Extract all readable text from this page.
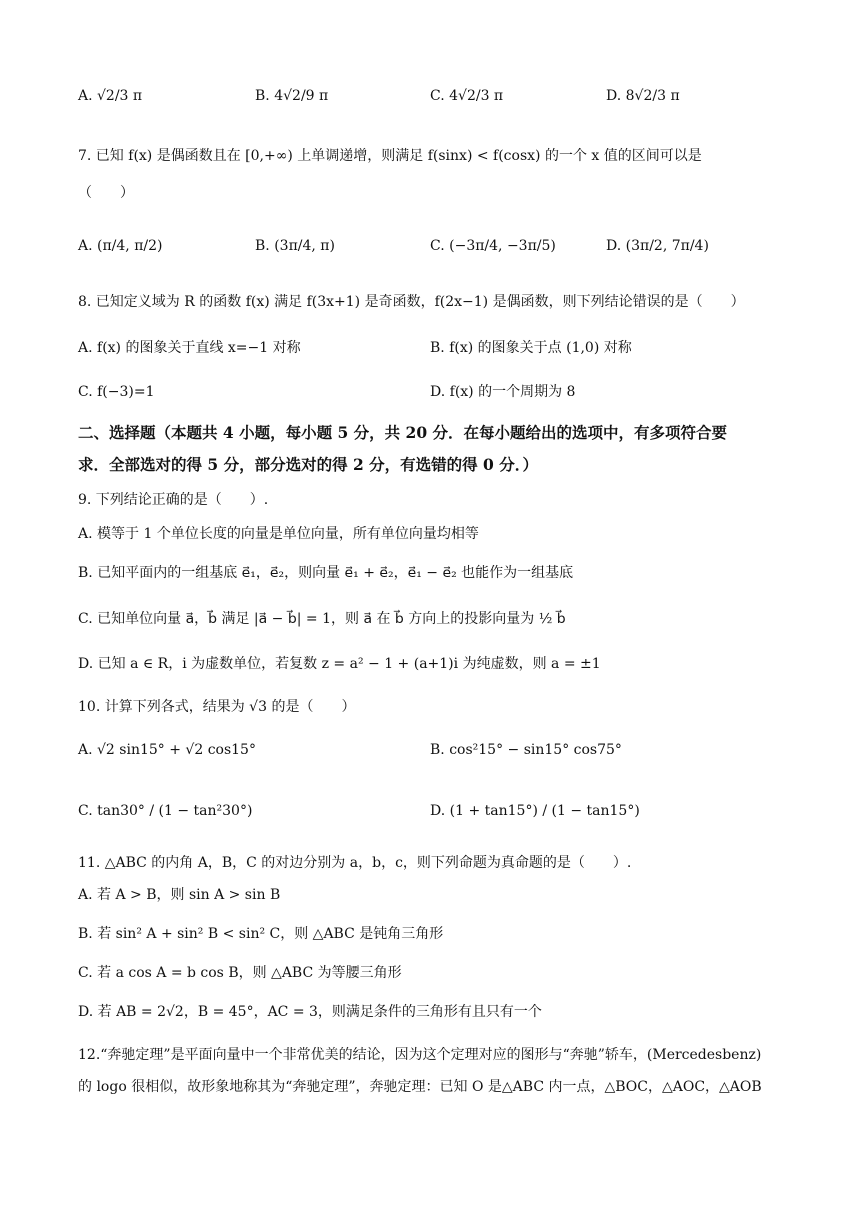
A. √2/3 π	B. 4√2/9 π	C. 4√2/3 π	D. 8√2/3 π
7. 已知 f(x) 是偶函数且在 [0,+∞) 上单调递增，则满足 f(sinx) < f(cosx) 的一个 x 值的区间可以是
（　　）
A. (π/4, π/2)	B. (3π/4, π)	C. (−3π/4, −3π/5)	D. (3π/2, 7π/4)
8. 已知定义域为 R 的函数 f(x) 满足 f(3x+1) 是奇函数，f(2x−1) 是偶函数，则下列结论错误的是（　　）
A. f(x) 的图象关于直线 x=−1 对称	B. f(x) 的图象关于点 (1,0) 对称
C. f(−3)=1	D. f(x) 的一个周期为 8
二、选择题（本题共 4 小题，每小题 5 分，共 20 分．在每小题给出的选项中，有多项符合要
求．全部选对的得 5 分，部分选对的得 2 分，有选错的得 0 分．）
9. 下列结论正确的是（　　）.
A. 模等于 1 个单位长度的向量是单位向量，所有单位向量均相等
B. 已知平面内的一组基底 e⃗₁，e⃗₂，则向量 e⃗₁ + e⃗₂，e⃗₁ − e⃗₂ 也能作为一组基底
C. 已知单位向量 a⃗，b⃗ 满足 |a⃗ − b⃗| = 1，则 a⃗ 在 b⃗ 方向上的投影向量为 ½ b⃗
D. 已知 a ∈ R，i 为虚数单位，若复数 z = a² − 1 + (a+1)i 为纯虚数，则 a = ±1
10. 计算下列各式，结果为 √3 的是（　　）
A. √2 sin15° + √2 cos15°	B. cos²15° − sin15° cos75°
C. tan30° / (1 − tan²30°)	D. (1 + tan15°) / (1 − tan15°)
11. △ABC 的内角 A，B，C 的对边分别为 a，b，c，则下列命题为真命题的是（　　）.
A. 若 A > B，则 sin A > sin B
B. 若 sin² A + sin² B < sin² C，则 △ABC 是钝角三角形
C. 若 a cos A = b cos B，则 △ABC 为等腰三角形
D. 若 AB = 2√2，B = 45°，AC = 3，则满足条件的三角形有且只有一个
12.“奔驰定理”是平面向量中一个非常优美的结论，因为这个定理对应的图形与“奔驰”轿车，(Mercedesbenz)
的 logo 很相似，故形象地称其为“奔驰定理”，奔驰定理：已知 O 是△ABC 内一点，△BOC，△AOC，△AOB
